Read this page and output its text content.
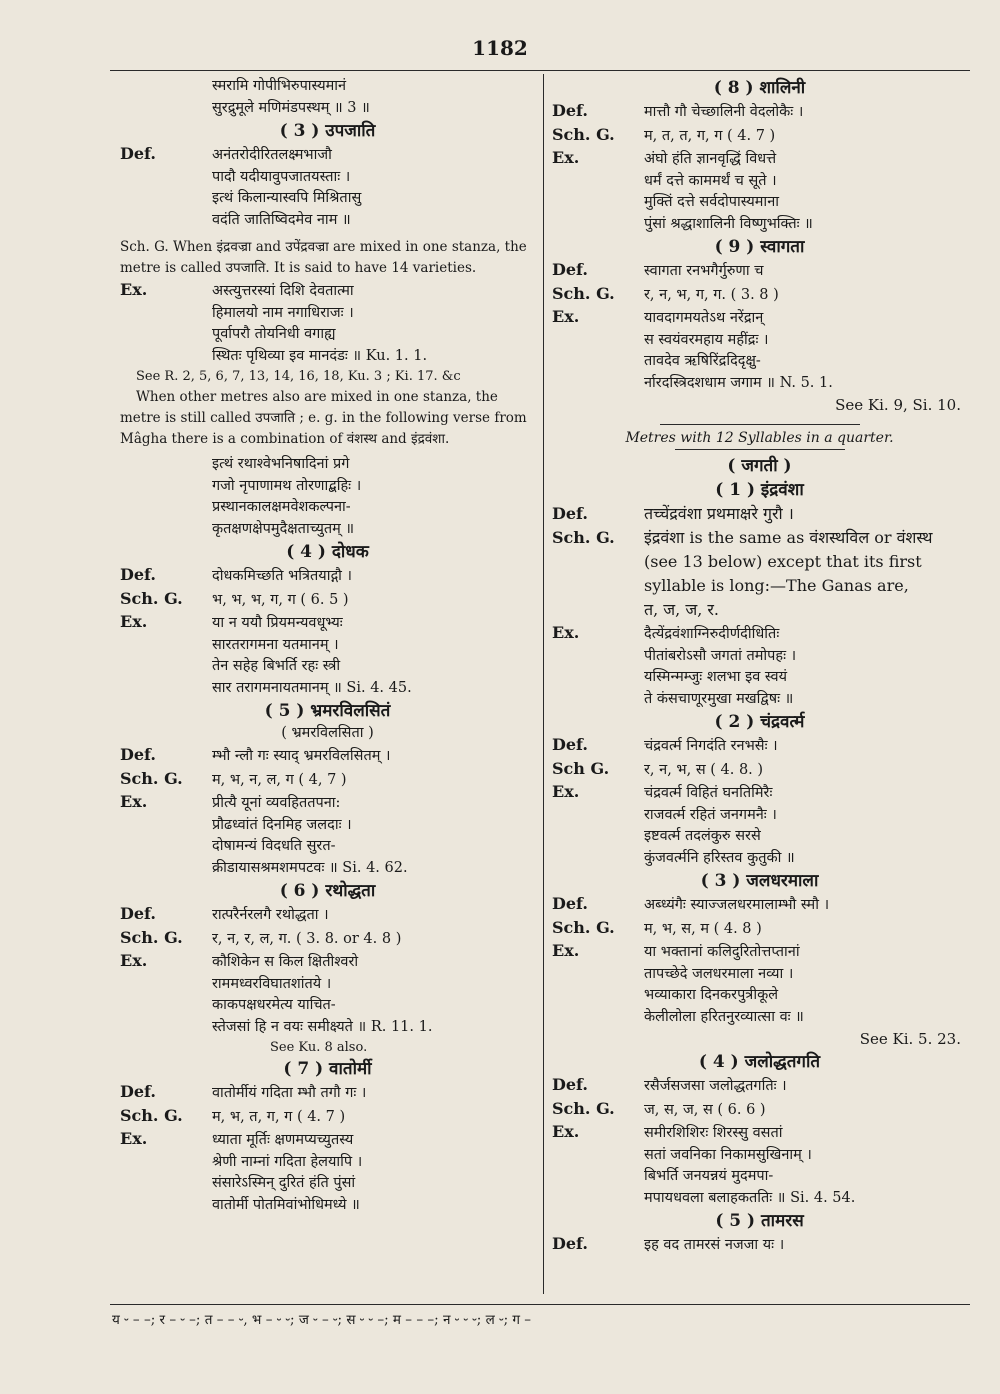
1182
स्मरामि गोपीभिरुपास्यमानं
सुरद्रुमूले मणिमंडपस्थम् ॥ 3 ॥
( 3 ) उपजाति
Def.	अनंतरोदीरितलक्ष्मभाजौ
पादौ यदीयावुपजातयस्ताः ।
इत्थं किलान्यास्वपि मिश्रितासु
वदंति जातिष्विदमेव नाम ॥
Sch. G. When इंद्रवज्रा and उपेंद्रवज्रा are mixed in one stanza, the metre is called उपजाति. It is said to have 14 varieties.
Ex.	अस्त्युत्तरस्यां दिशि देवतात्मा
हिमालयो नाम नगाधिराजः ।
पूर्वापरौ तोयनिधी वगाह्य
स्थितः पृथिव्या इव मानदंडः ॥ Ku. 1. 1.
See R. 2, 5, 6, 7, 13, 14, 16, 18, Ku. 3 ; Ki. 17. &c
When other metres also are mixed in one stanza, the metre is still called उपजाति ; e. g. in the following verse from Mâgha there is a combination of वंशस्थ and इंद्रवंशा.
इत्थं रथाश्वेभनिषादिनां प्रगे
गजो नृपाणामथ तोरणाद्बहिः ।
प्रस्थानकालक्षमवेशकल्पना-
कृतक्षणक्षेपमुदैक्षताच्युतम् ॥
( 4 ) दोधक
Def.	दोधकमिच्छति भत्रितयाद्गौ ।
Sch. G.	भ, भ, भ, ग, ग ( 6. 5 )
Ex.	या न ययौ प्रियमन्यवधूभ्यः
सारतरागमना यतमानम् ।
तेन सहेह बिभर्ति रहः स्त्री
सार तरागमनायतमानम् ॥ Si. 4. 45.
( 5 ) भ्रमरविलसितं
( भ्रमरविलसिता )
Def.	म्भौ न्लौ गः स्याद् भ्रमरविलसितम् ।
Sch. G.	म, भ, न, ल, ग ( 4, 7 )
Ex.	प्रीत्यै यूनां व्यवहिततपना:
प्रौढध्वांतं दिनमिह जलदाः ।
दोषामन्यं विदधति सुरत-
क्रीडायासश्रमशमपटवः ॥ Si. 4. 62.
( 6 ) रथोद्धता
Def.	रात्परैर्नरलगै रथोद्धता ।
Sch. G.	र, न, र, ल, ग. ( 3. 8. or 4. 8 )
Ex.	कौशिकेन स किल क्षितीश्वरो
राममध्वरविघातशांतये ।
काकपक्षधरमेत्य याचित-
स्तेजसां हि न वयः समीक्ष्यते ॥ R. 11. 1.
See Ku. 8 also.
( 7 ) वातोर्मी
Def.	वातोर्मीयं गदिता म्भौ तगौ गः ।
Sch. G.	म, भ, त, ग, ग ( 4. 7 )
Ex.	ध्याता मूर्तिः क्षणमप्यच्युतस्य
श्रेणी नाम्नां गदिता हेलयापि ।
संसारेऽस्मिन् दुरितं हंति पुंसां
वातोर्मी पोतमिवांभोधिमध्ये ॥
( 8 ) शालिनी
Def.	मात्तौ गौ चेच्छालिनी वेदलोकैः ।
Sch. G.	म, त, त, ग, ग ( 4. 7 )
Ex.	अंघो हंति ज्ञानवृद्धिं विधत्ते
धर्मं दत्ते काममर्थं च सूते ।
मुक्तिं दत्ते सर्वदोपास्यमाना
पुंसां श्रद्धाशालिनी विष्णुभक्तिः ॥
( 9 ) स्वागता
Def.	स्वागता रनभगैर्गुरुणा च
Sch. G.	र, न, भ, ग, ग. ( 3. 8 )
Ex.	यावदागमयतेऽथ नरेंद्रान्
स स्वयंवरमहाय महींद्रः ।
तावदेव ऋषिरिंद्रदिदृक्षु-
र्नारदस्त्रिदशधाम जगाम ॥ N. 5. 1.
See Ki. 9, Si. 10.
Metres with 12 Syllables in a quarter.
( जगती )
( 1 ) इंद्रवंशा
Def.	तच्चेंद्रवंशा प्रथमाक्षरे गुरौ ।
Sch. G.	इंद्रवंशा is the same as वंशस्थविल or वंशस्थ
(see 13 below) except that its first
syllable is long:—The Ganas are,
त, ज, ज, र.
Ex.	दैत्येंद्रवंशाग्निरुदीर्णदीधितिः
पीतांबरोऽसौ जगतां तमोपहः ।
यस्मिन्मम्जुः शलभा इव स्वयं
ते कंसचाणूरमुखा मखद्विषः ॥
( 2 ) चंद्रवर्त्म
Def.	चंद्रवर्त्म निगदंति रनभसैः ।
Sch G.	र, न, भ, स ( 4. 8. )
Ex.	चंद्रवर्त्म विहितं घनतिमिरैः
राजवर्त्म रहितं जनगमनैः ।
इष्टवर्त्म तदलंकुरु सरसे
कुंजवर्त्मनि हरिस्तव कुतुकी ॥
( 3 ) जलधरमाला
Def.	अब्ध्यंगैः स्याज्जलधरमालाम्भौ स्मौ ।
Sch. G.	म, भ, स, म ( 4. 8 )
Ex.	या भक्तानां कलिदुरितोत्तप्तानां
तापच्छेदे जलधरमाला नव्या ।
भव्याकारा दिनकरपुत्रीकूले
केलीलोला हरितनुरव्यात्सा वः ॥
See Ki. 5. 23.
( 4 ) जलोद्धतगति
Def.	रसैर्जसजसा जलोद्धतगतिः ।
Sch. G.	ज, स, ज, स ( 6. 6 )
Ex.	समीरशिशिरः शिरस्सु वसतां
सतां जवनिका निकामसुखिनाम् ।
बिभर्ति जनयन्नयं मुदमपा-
मपायधवला बलाहकततिः ॥ Si. 4. 54.
( 5 ) तामरस
Def.	इह वद तामरसं नजजा यः ।
य ⏑ – –; र – ⏑ –; त – – ⏑, भ – ⏑ ⏑; ज ⏑ – ⏑; स ⏑ ⏑ –; म – – –; न ⏑ ⏑ ⏑; ल ⏑; ग –
